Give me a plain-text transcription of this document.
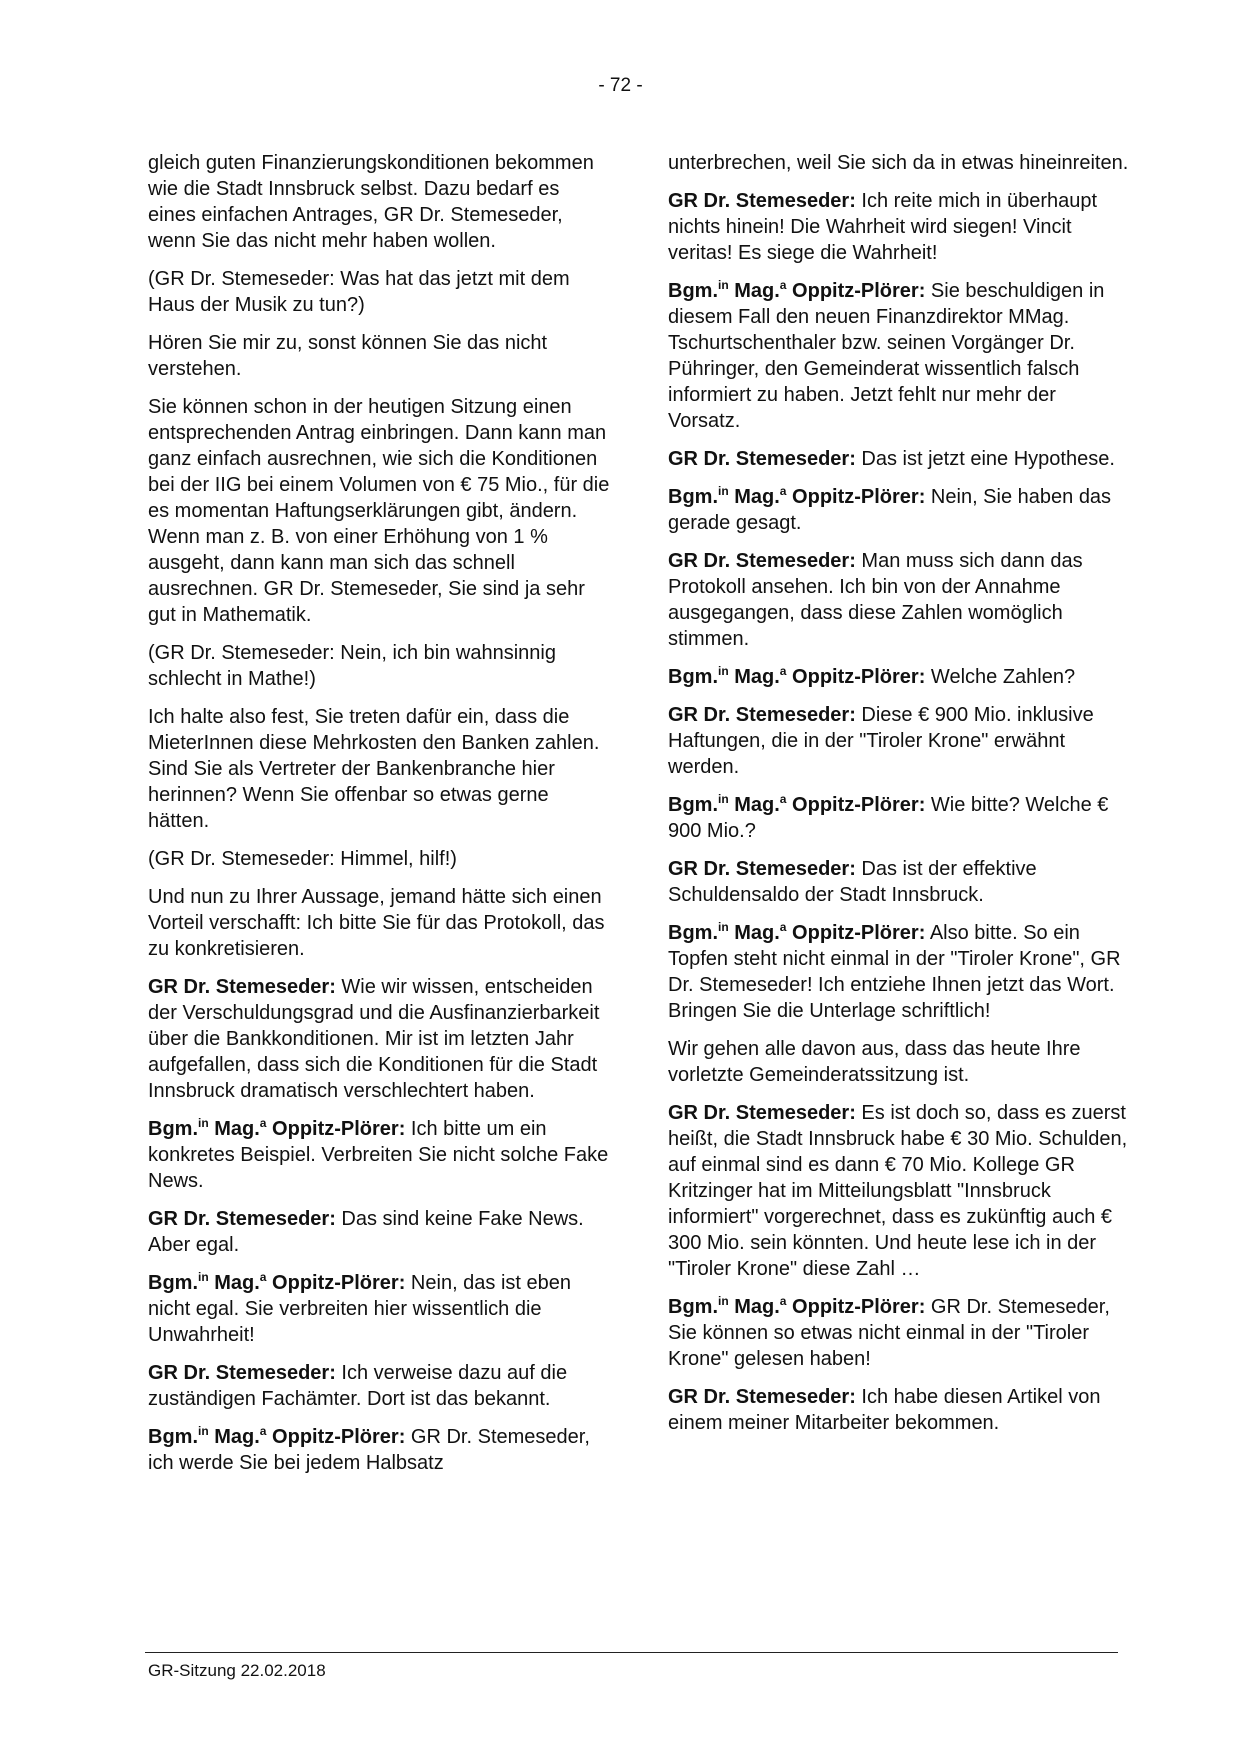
- 72 -

gleich guten Finanzierungskonditionen bekommen wie die Stadt Innsbruck selbst. Dazu bedarf es eines einfachen Antrages, GR Dr. Stemeseder, wenn Sie das nicht mehr haben wollen.

(GR Dr. Stemeseder: Was hat das jetzt mit dem Haus der Musik zu tun?)

Hören Sie mir zu, sonst können Sie das nicht verstehen.

Sie können schon in der heutigen Sitzung einen entsprechenden Antrag einbringen. Dann kann man ganz einfach ausrechnen, wie sich die Konditionen bei der IIG bei einem Volumen von € 75 Mio., für die es momentan Haftungserklärungen gibt, ändern. Wenn man z. B. von einer Erhöhung von 1 % ausgeht, dann kann man sich das schnell ausrechnen. GR Dr. Stemeseder, Sie sind ja sehr gut in Mathematik.

(GR Dr. Stemeseder: Nein, ich bin wahnsinnig schlecht in Mathe!)

Ich halte also fest, Sie treten dafür ein, dass die MieterInnen diese Mehrkosten den Banken zahlen. Sind Sie als Vertreter der Bankenbranche hier herinnen? Wenn Sie offenbar so etwas gerne hätten.

(GR Dr. Stemeseder: Himmel, hilf!)

Und nun zu Ihrer Aussage, jemand hätte sich einen Vorteil verschafft: Ich bitte Sie für das Protokoll, das zu konkretisieren.

GR Dr. Stemeseder: Wie wir wissen, entscheiden der Verschuldungsgrad und die Ausfinanzierbarkeit über die Bankkonditionen. Mir ist im letzten Jahr aufgefallen, dass sich die Konditionen für die Stadt Innsbruck dramatisch verschlechtert haben.

Bgm.$^{in}$ Mag.$^a$ Oppitz-Plörer: Ich bitte um ein konkretes Beispiel. Verbreiten Sie nicht solche Fake News.

GR Dr. Stemeseder: Das sind keine Fake News. Aber egal.

Bgm.$^{in}$ Mag.$^a$ Oppitz-Plörer: Nein, das ist eben nicht egal. Sie verbreiten hier wissentlich die Unwahrheit!

GR Dr. Stemeseder: Ich verweise dazu auf die zuständigen Fachämter. Dort ist das bekannt.

Bgm.$^{in}$ Mag.$^a$ Oppitz-Plörer: GR Dr. Stemeseder, ich werde Sie bei jedem Halbsatz

unterbrechen, weil Sie sich da in etwas hineinreiten.

GR Dr. Stemeseder: Ich reite mich in überhaupt nichts hinein! Die Wahrheit wird siegen! Vincit veritas! Es siege die Wahrheit!

Bgm.$^{in}$ Mag.$^a$ Oppitz-Plörer: Sie beschuldigen in diesem Fall den neuen Finanzdirektor MMag. Tschurtschenthaler bzw. seinen Vorgänger Dr. Pühringer, den Gemeinderat wissentlich falsch informiert zu haben. Jetzt fehlt nur mehr der Vorsatz.

GR Dr. Stemeseder: Das ist jetzt eine Hypothese.

Bgm.$^{in}$ Mag.$^a$ Oppitz-Plörer: Nein, Sie haben das gerade gesagt.

GR Dr. Stemeseder: Man muss sich dann das Protokoll ansehen. Ich bin von der Annahme ausgegangen, dass diese Zahlen womöglich stimmen.

Bgm.$^{in}$ Mag.$^a$ Oppitz-Plörer: Welche Zahlen?

GR Dr. Stemeseder: Diese € 900 Mio. inklusive Haftungen, die in der "Tiroler Krone" erwähnt werden.

Bgm.$^{in}$ Mag.$^a$ Oppitz-Plörer: Wie bitte? Welche € 900 Mio.?

GR Dr. Stemeseder: Das ist der effektive Schuldensaldo der Stadt Innsbruck.

Bgm.$^{in}$ Mag.$^a$ Oppitz-Plörer: Also bitte. So ein Topfen steht nicht einmal in der "Tiroler Krone", GR Dr. Stemeseder! Ich entziehe Ihnen jetzt das Wort. Bringen Sie die Unterlage schriftlich!

Wir gehen alle davon aus, dass das heute Ihre vorletzte Gemeinderatssitzung ist.

GR Dr. Stemeseder: Es ist doch so, dass es zuerst heißt, die Stadt Innsbruck habe € 30 Mio. Schulden, auf einmal sind es dann € 70 Mio. Kollege GR Kritzinger hat im Mitteilungsblatt "Innsbruck informiert" vorgerechnet, dass es zukünftig auch € 300 Mio. sein könnten. Und heute lese ich in der "Tiroler Krone" diese Zahl …

Bgm.$^{in}$ Mag.$^a$ Oppitz-Plörer: GR Dr. Stemeseder, Sie können so etwas nicht einmal in der "Tiroler Krone" gelesen haben!

GR Dr. Stemeseder: Ich habe diesen Artikel von einem meiner Mitarbeiter bekommen.

GR-Sitzung 22.02.2018
